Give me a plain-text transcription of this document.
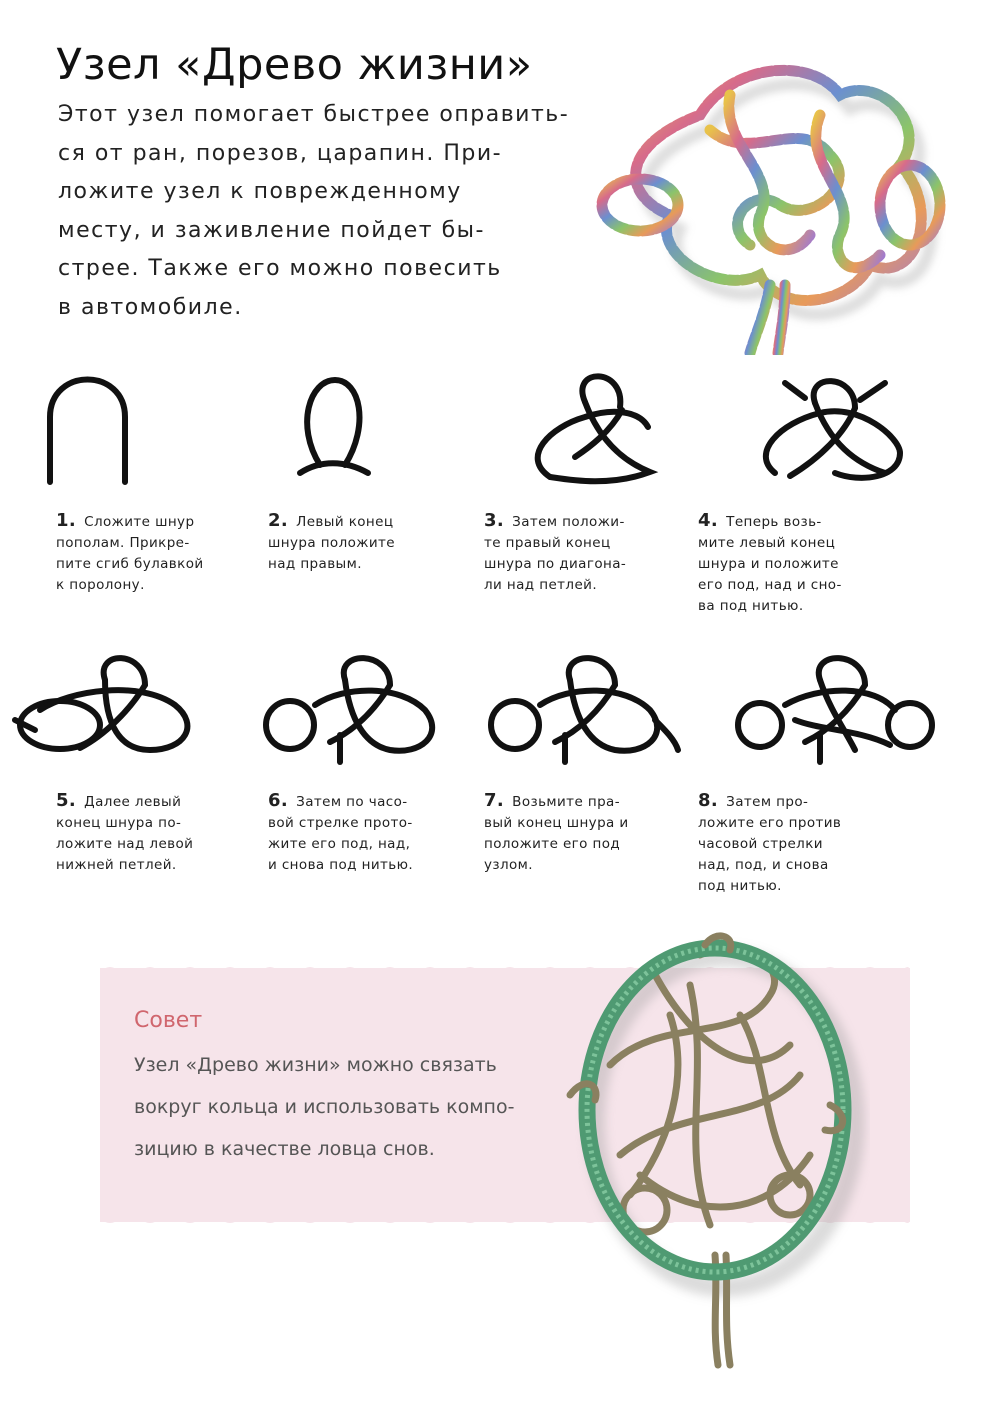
Узел «Древо жизни»
Этот узел помогает быстрее оправить-
ся от ран, порезов, царапин. При-
ложите узел к поврежденному
месту, и заживление пойдет бы-
стрее. Также его можно повесить
в автомобиле.
1. Сложите шнур
пополам. Прикре-
пите сгиб булавкой
к поролону.
2. Левый конец
шнура положите
над правым.
3. Затем положи-
те правый конец
шнура по диагона-
ли над петлей.
4. Теперь возь-
мите левый конец
шнура и положите
его под, над и сно-
ва под нитью.
5. Далее левый
конец шнура по-
ложите над левой
нижней петлей.
6. Затем по часо-
вой стрелке прото-
жите его под, над,
и снова под нитью.
7. Возьмите пра-
вый конец шнура и
положите его под
узлом.
8. Затем про-
ложите его против
часовой стрелки
над, под, и снова
под нитью.
Совет
Узел «Древо жизни» можно связать
вокруг кольца и использовать компо-
зицию в качестве ловца снов.
